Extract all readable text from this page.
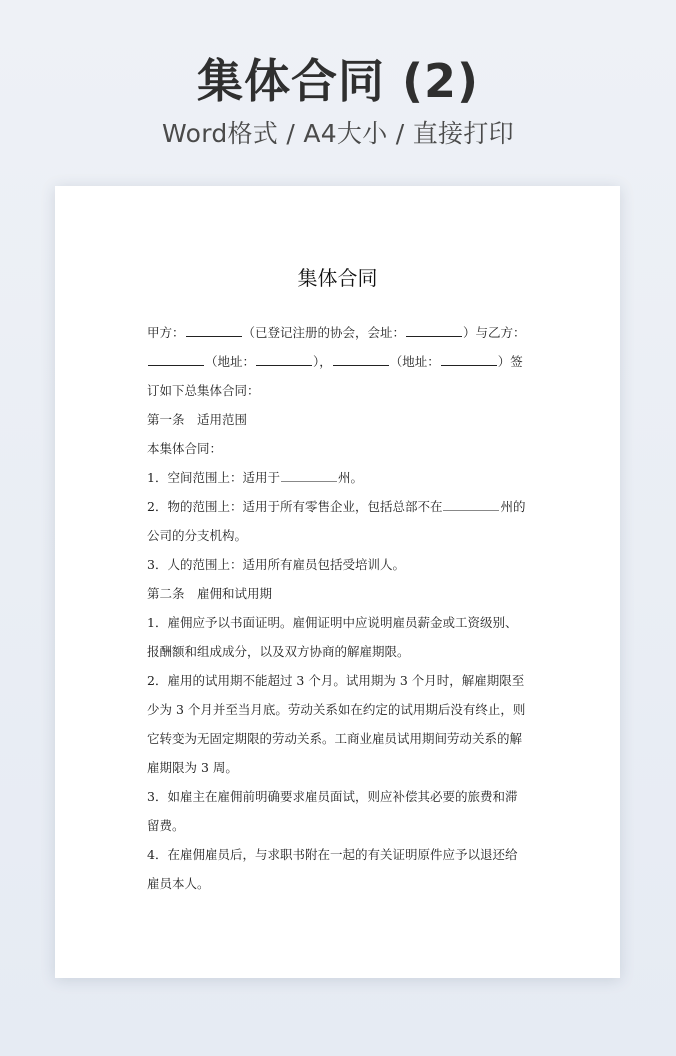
集体合同 (2)
Word格式 / A4大小 / 直接打印
集体合同
甲方：	（已登记注册的协会，会址：	）与乙方：
（地址：	），	（地址：	）签
订如下总集体合同：
第一条　适用范围
本集体合同：
1．空间范围上：适用于	州。
2．物的范围上：适用于所有零售企业，包括总部不在	州的
公司的分支机构。
3．人的范围上：适用所有雇员包括受培训人。
第二条　雇佣和试用期
1．雇佣应予以书面证明。雇佣证明中应说明雇员薪金或工资级别、
报酬额和组成成分，以及双方协商的解雇期限。
2．雇用的试用期不能超过 3 个月。试用期为 3 个月时，解雇期限至
少为 3 个月并至当月底。劳动关系如在约定的试用期后没有终止，则
它转变为无固定期限的劳动关系。工商业雇员试用期间劳动关系的解
雇期限为 3 周。
3．如雇主在雇佣前明确要求雇员面试，则应补偿其必要的旅费和滞
留费。
4．在雇佣雇员后，与求职书附在一起的有关证明原件应予以退还给
雇员本人。
